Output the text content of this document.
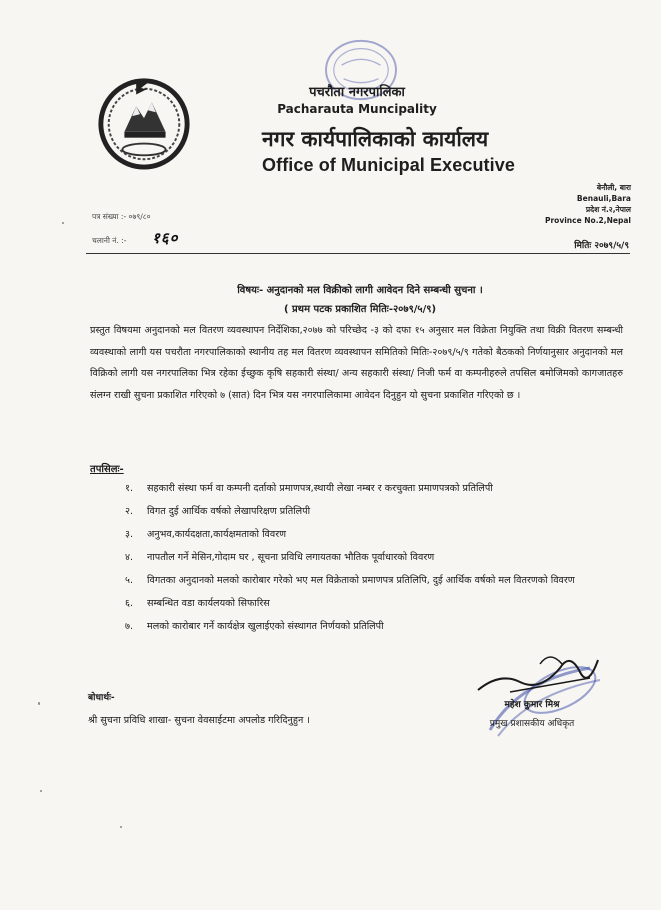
पचरौता नगरपालिका
Pacharauta Muncipality
नगर कार्यपालिकाको कार्यालय
Office of Municipal Executive
बेनौली, बारा
Benauli,Bara
प्रदेश नं.२,नेपाल
Province No.2,Nepal
पत्र संख्या :- ०७९/८०
चलानी नं. :- १६०	मितिः २०७९/५/९
विषयः- अनुदानको मल विक्रीको लागी आवेदन दिने सम्बन्धी सुचना ।
( प्रथम पटक प्रकाशित मितिः-२०७९/५/९)
प्रस्तुत विषयमा अनुदानको मल वितरण व्यवस्थापन निर्देशिका,२०७७ को परिच्छेद -३ को दफा १५ अनुसार मल विक्रेता नियुक्ति तथा विक्री वितरण सम्बन्धी व्यवस्थाको लागी यस पचरौता नगरपालिकाको स्थानीय तह मल वितरण व्यवस्थापन समितिको मितिः-२०७९/५/९ गतेको बैठकको निर्णयानुसार अनुदानको मल विक्रिको लागी यस नगरपालिका भित्र रहेका ईच्छुक कृषि सहकारी संस्था/ अन्य सहकारी संस्था/ निजी फर्म वा कम्पनीहरुले तपसिल बमोजिमको कागजातहरु संलग्न राखी सुचना प्रकाशित गरिएको ७ (सात) दिन भित्र यस नगरपालिकामा आवेदन दिनुहुन यो सुचना प्रकाशित गरिएको छ ।
तपसिलः-
१. सहकारी संस्था फर्म वा कम्पनी दर्ताको प्रमाणपत्र,स्थायी लेखा नम्बर र करचुक्ता प्रमाणपत्रको प्रतिलिपी
२. विगत दुई आर्थिक वर्षको लेखापरिक्षण प्रतिलिपी
३. अनुभव,कार्यदक्षता,कार्यक्षमताको विवरण
४. नापतौल गर्ने मेसिन,गोदाम घर , सूचना प्रविधि लगायतका भौतिक पूर्वाधारको विवरण
५. विगतका अनुदानको मलको कारोबार गरेको भए मल विक्रेताको प्रमाणपत्र प्रतिलिपि, दुई आर्थिक वर्षको मल वितरणको विवरण
६. सम्बन्धित वडा कार्यलयको सिफारिस
७. मलको कारोबार गर्ने कार्यक्षेत्र खुलाईएको संस्थागत निर्णयको प्रतिलिपी
महेश कुमार मिश्र
प्रमुख प्रशासकीय अधिकृत
बोधार्थः-
श्री सुचना प्रविधि शाखा- सुचना वेवसाईटमा अपलोड गरिदिनुहुन ।
